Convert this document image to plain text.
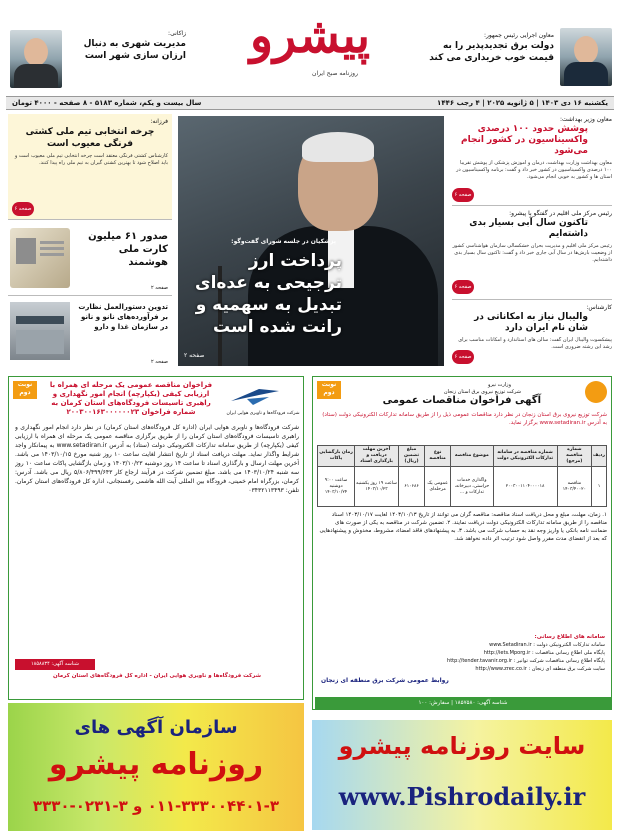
معاون اجرایی رئیس جمهور:
دولت برق تجدیدپذیر را به
قیمت خوب خریداری می کند
پیشرو
روزنامه صبح ایران
زاکانی:
مدیریت شهری به دنبال
ارزان سازی شهر است
یکشنبه ۱۶ دی ۱۴۰۳ | ۵ ژانویه ۲۰۲۵ | ۴ رجب ۱۴۴۶
سال بیست و یکم، شماره ۵۱۸۳ - ۸ صفحه - ۴۰۰۰ تومان
معاون وزیر بهداشت:
پوشش حدود ۱۰۰ درصدی واکسیناسیون در کشور انجام می‌شود
معاون بهداشت وزارت بهداشت، درمان و آموزش پزشکی از پوشش تقریبا ۱۰۰ درصدی واکسیناسیون در کشور خبر داد و گفت: برنامه واکسیناسیون در استان ها و کشور به خوبی انجام می‌شود.
صفحه ۶
رئیس مرکز ملی اقلیم در گفتگو با پیشرو:
تاکنون سال آبی بسیار بدی داشته‌ایم
رئیس مرکز ملی اقلیم و مدیریت بحران خشکسالی سازمان هواشناسی کشور از وضعیت بارش‌ها در سال آبی جاری خبر داد و گفت: تاکنون سال بسیار بدی داشته‌ایم.
صفحه ۶
کارشناس:
والیبال نیاز به امکاناتی در شان نام ایران دارد
پیشکسوت والیبال ایران گفت: سالن های استاندارد و امکانات مناسب برای رشد این رشته ضروری است.
صفحه ۶
پزشکیان در جلسه شورای گفت‌وگو:
پرداخت ارز
ترجیحی به عده‌ای
تبدیل به سهمیه و
رانت شده است
صفحه ۲
فرزانه:
چرخه انتخابی تیم ملی کشتی فرنگی معیوب است
کارشناس کشتی فرنگی معتقد است چرخه انتخابی تیم ملی معیوب است و باید اصلاح شود تا بهترین کشتی گیران به تیم ملی راه پیدا کنند.
صفحه ۶
صدور ۶۱ میلیون کارت ملی هوشمند
صفحه ۲
تدوین دستورالعمل نظارت بر فرآورده‌های نانو و نانو در سازمان غذا و دارو
صفحه ۲
وزارت نیرو
شرکت توزیع نیروی برق استان زنجان
آگهی فراخوان مناقصات عمومی
نوبت دوم
شرکت توزیع نیروی برق استان زنجان در نظر دارد مناقصات عمومی ذیل را از طریق سامانه تدارکات الکترونیکی دولت (ستاد) به آدرس www.setadiran.ir برگزار نماید.
ردیف	شماره مناقصه (مرجع)	شماره مناقصه در سامانه تدارکات الکترونیکی دولت	موضوع مناقصه	نوع مناقصه	مبلغ تضمین (ریال)	آخرین مهلت دریافت و بارگذاری اسناد	زمان بازگشایی پاکات
۱	مناقصه ۱۴۰۳/۴۰۰۲۰	۲۰۰۳۰۰۱۱۰۴۰۰۰۰۱۸	واگذاری خدمات حراستی، دبیرخانه، تدارکات و ...	عمومی یک مرحله‌ای	۶۱۰۶۸۶	ساعت ۱۹ روز یکشنبه ۱۴۰۳/۱۰/۲۳	ساعت ۹:۰۰ دوشنبه ۱۴۰۳/۱۰/۲۴
۱. زمان، مهلت، مبلغ و محل دریافت اسناد مناقصه: مناقصه گران می توانند از تاریخ ۱۴۰۳/۱۰/۱۳ لغایت ۱۴۰۳/۱۰/۱۷ اسناد مناقصه را از طریق سامانه تدارکات الکترونیکی دولت دریافت نمایند. ۲. تضمین شرکت در مناقصه به یکی از صورت های ضمانت نامه بانکی یا واریز وجه نقد به حساب شرکت می باشد. ۳. به پیشنهادهای فاقد امضاء، مشروط، مخدوش و پیشنهادهایی که بعد از انقضای مدت مقرر واصل شود ترتیب اثر داده نخواهد شد.
سامانه های اطلاع رسانی:
www.Setadiran.ir : سامانه تدارکات الکترونیکی دولت
http://iets.Mporg.ir : پایگاه ملی اطلاع رسانی مناقصات
http://tender.tavanir.org.ir : پایگاه اطلاع رسانی مناقصات شرکت توانیر
http://www.zrec.co.ir : سایت شرکت برق منطقه ای زنجان
روابط عمومی شرکت برق منطقه ای زنجان
شناسه آگهی: ۱۸۵۷۵۸۰ | سفارش: ۱۰۰
نوبت دوم
فراخوان مناقصه عمومی یک مرحله ای همراه با ارزیابی کیفی (یکپارچه) انجام امور نگهداری و راهبری تاسیسات فرودگاه‌های استان کرمان به شماره فراخوان ۲۰۰۳۰۰۱۶۳۰۰۰۰۰۰۲۳	شرکت فرودگاه‌ها و ناوبری هوایی ایران
شرکت فرودگاه‌ها و ناوبری هوایی ایران (اداره کل فرودگاه‌های استان کرمان) در نظر دارد انجام امور نگهداری و راهبری تاسیسات فرودگاه‌های استان کرمان را از طریق برگزاری مناقصه عمومی یک مرحله ای همراه با ارزیابی کیفی (یکپارچه) از طریق سامانه تدارکات الکترونیکی دولت (ستاد) به آدرس www.setadiran.ir به پیمانکار واجد شرایط واگذار نماید. مهلت دریافت اسناد از تاریخ انتشار لغایت ساعت ۱۰ روز شنبه مورخ ۱۴۰۳/۱۰/۱۵ می باشد. آخرین مهلت ارسال و بارگذاری اسناد تا ساعت ۱۴ روز دوشنبه ۱۴۰۳/۱۰/۲۳ و زمان بازگشایی پاکات ساعت ۱۰ روز سه شنبه ۱۴۰۳/۱۰/۲۴ می باشد. مبلغ تضمین شرکت در فرآیند ارجاع کار ۵/۸۰۶/۴۹۹/۶۴۳ ریال می باشد. آدرس: کرمان، بزرگراه امام خمینی، فرودگاه بین المللی آیت الله هاشمی رفسنجانی، اداره کل فرودگاه‌های استان کرمان. تلفن: ۰۳۴۳۲۱۱۳۴۹۳
شرکت فرودگاه‌ها و ناوبری هوایی ایران - اداره کل فرودگاه‌های استان کرمان
شناسه آگهی: ۱۸۵۸۸۳۴
سازمان آگهی های
روزنامه پیشرو
۰۱۱-۳۳۳۰۰۴۴۰۱-۳ و ۳-۰۲۳۱-۳۳۳۰
سایت روزنامه پیشرو
www.Pishrodaily.ir
